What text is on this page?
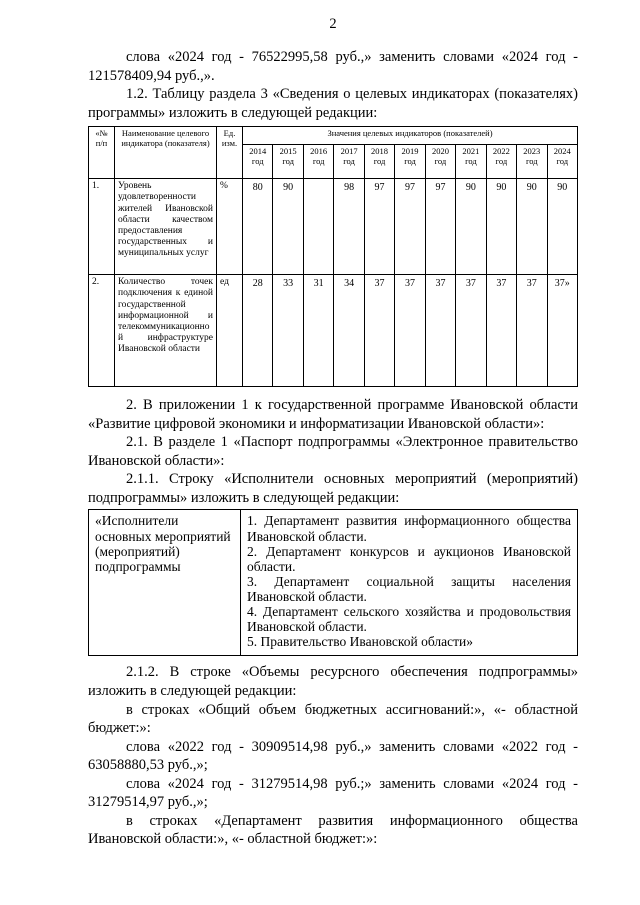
2

слова «2024 год - 76522995,58 руб.,» заменить словами «2024 год - 121578409,94 руб.,».

1.2. Таблицу раздела 3 «Сведения о целевых индикаторах (показателях) программы» изложить в следующей редакции:

«№ п/п	Наименование целевого индикатора (показателя)	Ед. изм.	Значения целевых индикаторов (показателей)										
			2014 год	2015 год	2016 год	2017 год	2018 год	2019 год	2020 год	2021 год	2022 год	2023 год	2024 год
1.	Уровень удовлетворенности жителей Ивановской области качеством предоставления государственных и муниципальных услуг	%	80	90		98	97	97	97	90	90	90	90
2.	Количество точек подключения к единой государственной информационной и телекоммуникационной инфраструктуре Ивановской области	ед	28	33	31	34	37	37	37	37	37	37	37»

2. В приложении 1 к государственной программе Ивановской области «Развитие цифровой экономики и информатизации Ивановской области»:

2.1. В разделе 1 «Паспорт подпрограммы «Электронное правительство Ивановской области»:

2.1.1. Строку «Исполнители основных мероприятий (мероприятий) подпрограммы» изложить в следующей редакции:

«Исполнители основных мероприятий (мероприятий) подпрограммы	
1. Департамент развития информационного общества Ивановской области.
2. Департамент конкурсов и аукционов Ивановской области.
3. Департамент социальной защиты населения Ивановской области.
4. Департамент сельского хозяйства и продовольствия Ивановской области.
5. Правительство Ивановской области»

2.1.2. В строке «Объемы ресурсного обеспечения подпрограммы» изложить в следующей редакции:

в строках «Общий объем бюджетных ассигнований:», «- областной бюджет:»:

слова «2022 год - 30909514,98 руб.,» заменить словами «2022 год - 63058880,53 руб.,»;

слова «2024 год - 31279514,98 руб.;» заменить словами «2024 год - 31279514,97 руб.,»;

в строках «Департамент развития информационного общества Ивановской области:», «- областной бюджет:»:
